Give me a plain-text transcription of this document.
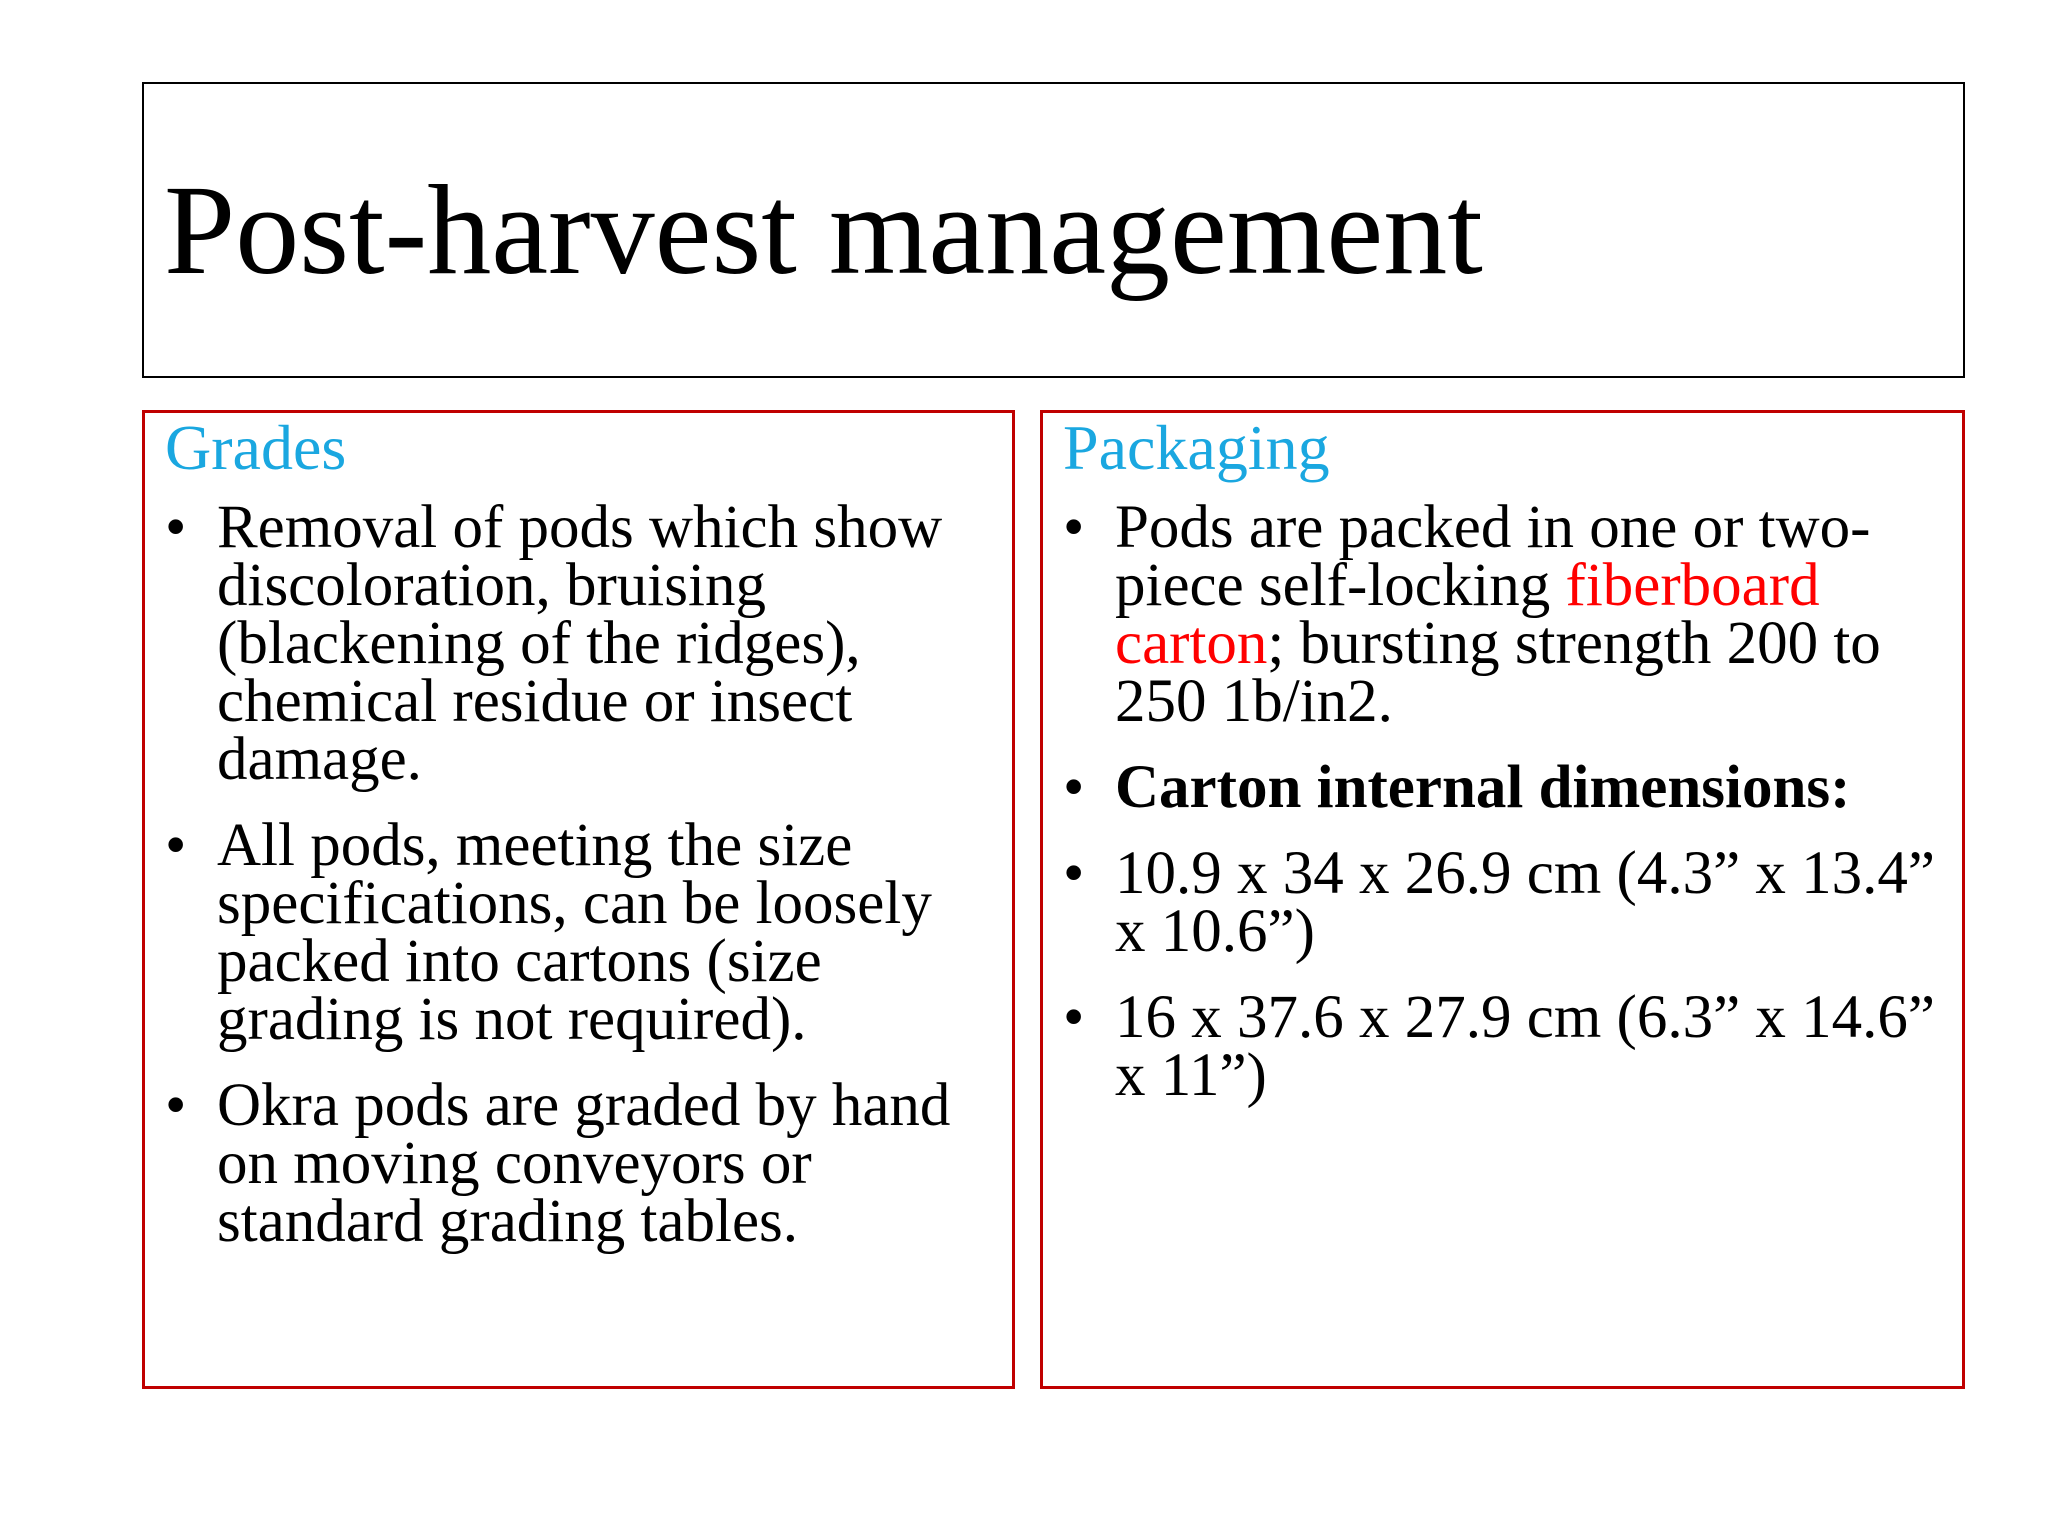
Post-harvest management
Grades
• Removal of pods which show discoloration, bruising (blackening of the ridges), chemical residue or insect damage.
• All pods, meeting the size specifications, can be loosely packed into cartons (size grading is not required).
• Okra pods are graded by hand on moving conveyors or standard grading tables.
Packaging
• Pods are packed in one or two-piece self-locking fiberboard carton; bursting strength 200 to 250 1b/in2.
• Carton internal dimensions:
• 10.9 x 34 x 26.9 cm (4.3” x 13.4” x 10.6”)
• 16 x 37.6 x 27.9 cm (6.3” x 14.6” x 11”)
